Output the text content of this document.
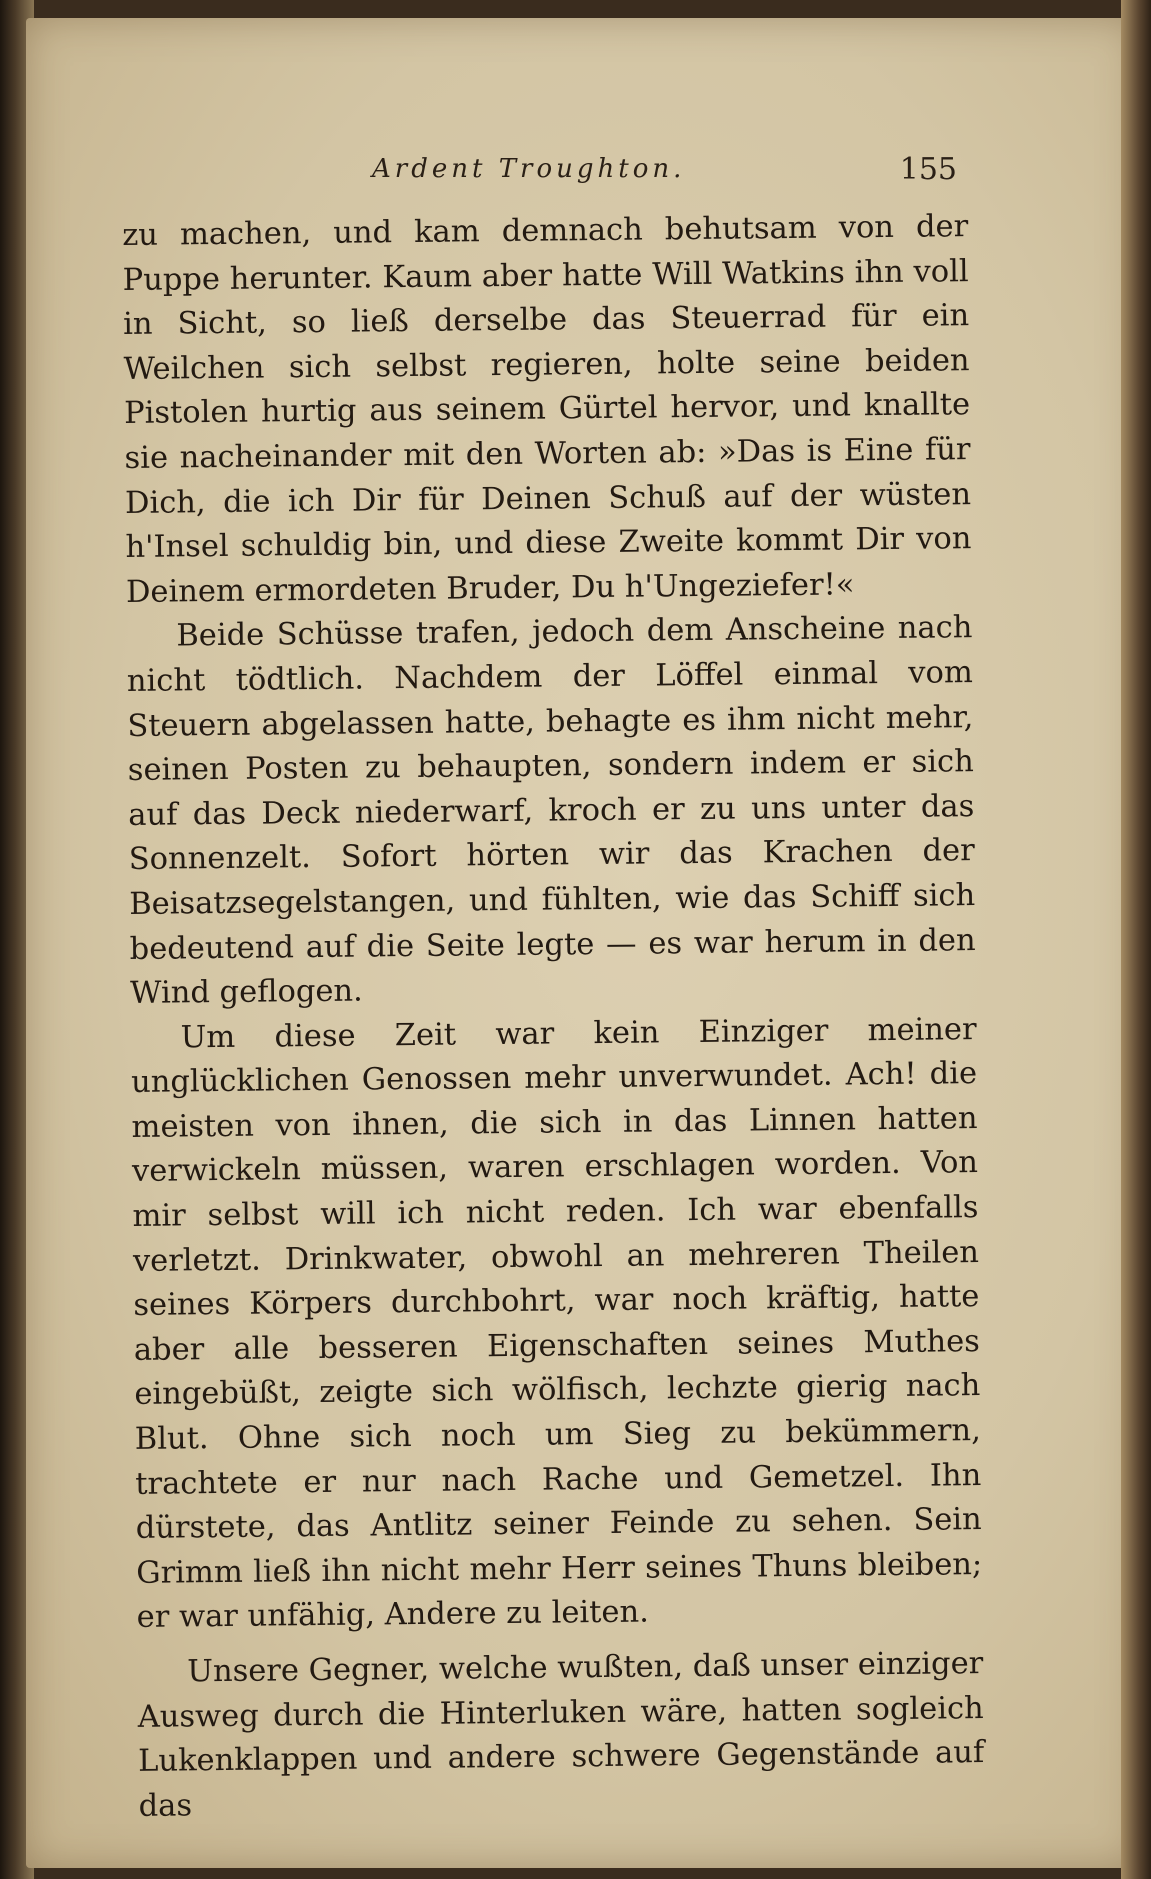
Ardent Troughton.	155

zu machen, und kam demnach behutsam von der Puppe herunter. Kaum aber hatte Will Watkins ihn voll in Sicht, so ließ derselbe das Steuerrad für ein Weilchen sich selbst regieren, holte seine beiden Pistolen hurtig aus seinem Gürtel hervor, und knallte sie nacheinander mit den Worten ab: »Das is Eine für Dich, die ich Dir für Deinen Schuß auf der wüsten h'Insel schuldig bin, und diese Zweite kommt Dir von Deinem ermordeten Bruder, Du h'Ungeziefer!«

Beide Schüsse trafen, jedoch dem Anscheine nach nicht tödtlich. Nachdem der Löffel einmal vom Steuern abgelassen hatte, behagte es ihm nicht mehr, seinen Posten zu behaupten, sondern indem er sich auf das Deck niederwarf, kroch er zu uns unter das Sonnenzelt. Sofort hörten wir das Krachen der Beisatzsegelstangen, und fühlten, wie das Schiff sich bedeutend auf die Seite legte — es war herum in den Wind geflogen.

Um diese Zeit war kein Einziger meiner unglücklichen Genossen mehr unverwundet. Ach! die meisten von ihnen, die sich in das Linnen hatten verwickeln müssen, waren erschlagen worden. Von mir selbst will ich nicht reden. Ich war ebenfalls verletzt. Drinkwater, obwohl an mehreren Theilen seines Körpers durchbohrt, war noch kräftig, hatte aber alle besseren Eigenschaften seines Muthes eingebüßt, zeigte sich wölfisch, lechzte gierig nach Blut. Ohne sich noch um Sieg zu bekümmern, trachtete er nur nach Rache und Gemetzel. Ihn dürstete, das Antlitz seiner Feinde zu sehen. Sein Grimm ließ ihn nicht mehr Herr seines Thuns bleiben; er war unfähig, Andere zu leiten.

Unsere Gegner, welche wußten, daß unser einziger Ausweg durch die Hinterluken wäre, hatten sogleich Lukenklappen und andere schwere Gegenstände auf das
